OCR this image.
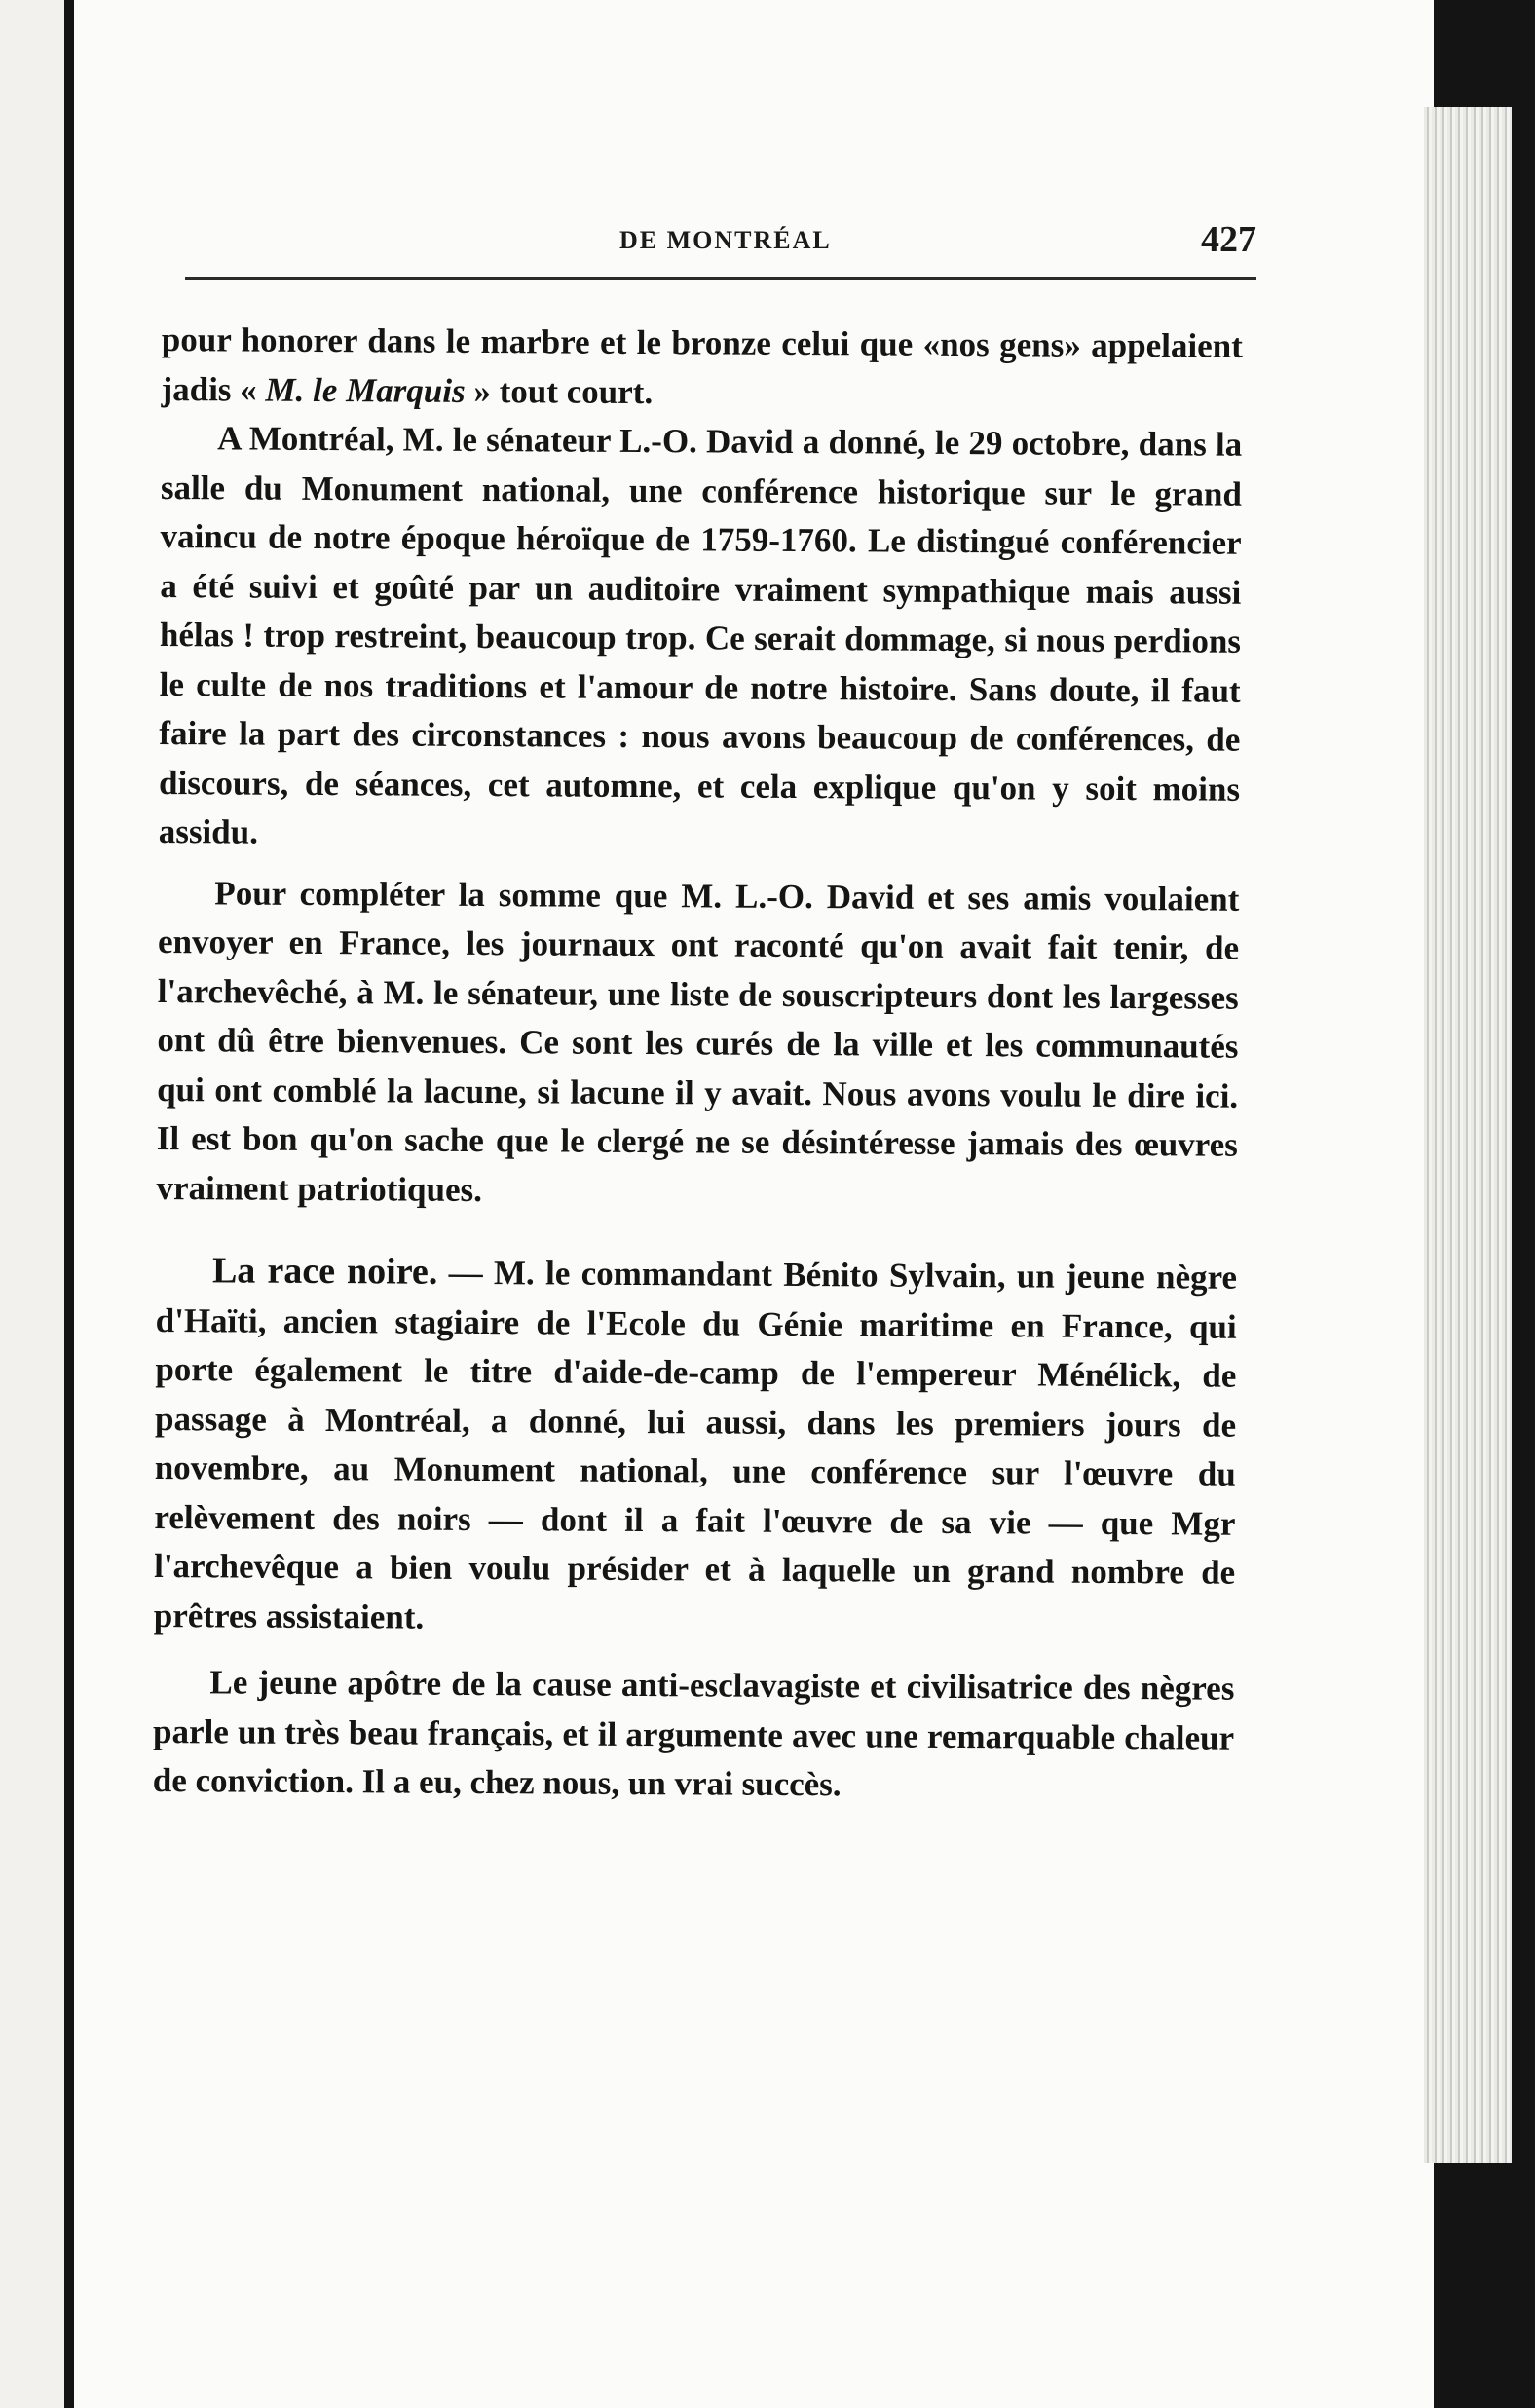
DE MONTRÉAL	427

pour honorer dans le marbre et le bronze celui que «nos gens» appelaient jadis « M. le Marquis » tout court.

A Montréal, M. le sénateur L.-O. David a donné, le 29 octobre, dans la salle du Monument national, une conférence historique sur le grand vaincu de notre époque héroïque de 1759-1760. Le distingué conférencier a été suivi et goûté par un auditoire vraiment sympathique mais aussi hélas ! trop restreint, beaucoup trop. Ce serait dommage, si nous perdions le culte de nos traditions et l'amour de notre histoire. Sans doute, il faut faire la part des circonstances : nous avons beaucoup de conférences, de discours, de séances, cet automne, et cela explique qu'on y soit moins assidu.

Pour compléter la somme que M. L.-O. David et ses amis voulaient envoyer en France, les journaux ont raconté qu'on avait fait tenir, de l'archevêché, à M. le sénateur, une liste de souscripteurs dont les largesses ont dû être bienvenues. Ce sont les curés de la ville et les communautés qui ont comblé la lacune, si lacune il y avait. Nous avons voulu le dire ici. Il est bon qu'on sache que le clergé ne se désintéresse jamais des œuvres vraiment patriotiques.

La race noire. — M. le commandant Bénito Sylvain, un jeune nègre d'Haïti, ancien stagiaire de l'Ecole du Génie maritime en France, qui porte également le titre d'aide-de-camp de l'empereur Ménélick, de passage à Montréal, a donné, lui aussi, dans les premiers jours de novembre, au Monument national, une conférence sur l'œuvre du relèvement des noirs — dont il a fait l'œuvre de sa vie — que Mgr l'archevêque a bien voulu présider et à laquelle un grand nombre de prêtres assistaient.

Le jeune apôtre de la cause anti-esclavagiste et civilisatrice des nègres parle un très beau français, et il argumente avec une remarquable chaleur de conviction. Il a eu, chez nous, un vrai succès.
